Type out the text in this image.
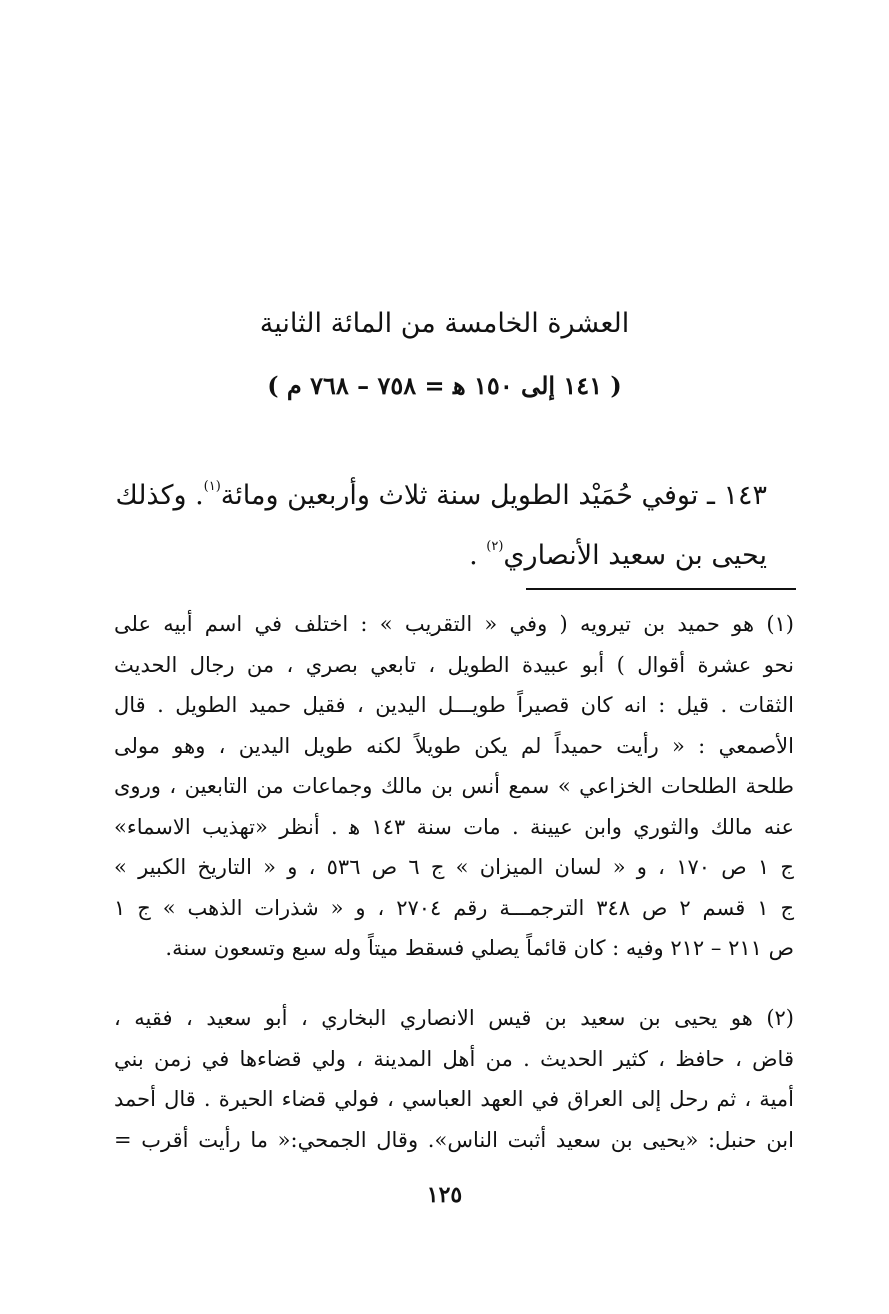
العشرة الخامسة من المائة الثانية
( ١٤١ إلى ١٥٠ ﻫ = ٧٥٨ – ٧٦٨ م )
١٤٣ ـ توفي حُمَيْد الطويل سنة ثلاث وأربعين ومائة$^{(١)}$. وكذلك
يحيى بن سعيد الأنصاري$^{(٢)}$ .
(١) هو حميد بن تيرويه ( وفي « التقريب » : اختلف في اسم أبيه على
نحو عشرة أقوال ) أبو عبيدة الطويل ، تابعي بصري ، من رجال الحديث
الثقات . قيل : انه كان قصيراً طويـــل اليدين ، فقيل حميد الطويل . قال
الأصمعي : « رأيت حميداً لم يكن طويلاً لكنه طويل اليدين ، وهو مولى
طلحة الطلحات الخزاعي » سمع أنس بن مالك وجماعات من التابعين ، وروى
عنه مالك والثوري وابن عيينة . مات سنة ١٤٣ ﻫ . أنظر «تهذيب الاسماء»
ج ١ ص ١٧٠ ، و « لسان الميزان » ج ٦ ص ٥٣٦ ، و « التاريخ الكبير »
ج ١ قسم ٢ ص ٣٤٨ الترجمـــة رقم ٢٧٠٤ ، و « شذرات الذهب » ج ١
ص ٢١١ – ٢١٢ وفيه : كان قائماً يصلي فسقط ميتاً وله سبع وتسعون سنة.
(٢) هو يحيى بن سعيد بن قيس الانصاري البخاري ، أبو سعيد ، فقيه ،
قاض ، حافظ ، كثير الحديث . من أهل المدينة ، ولي قضاءها في زمن بني
أمية ، ثم رحل إلى العراق في العهد العباسي ، فولي قضاء الحيرة . قال أحمد
ابن حنبل: «يحيى بن سعيد أثبت الناس». وقال الجمحي:« ما رأيت أقرب =
١٢٥
